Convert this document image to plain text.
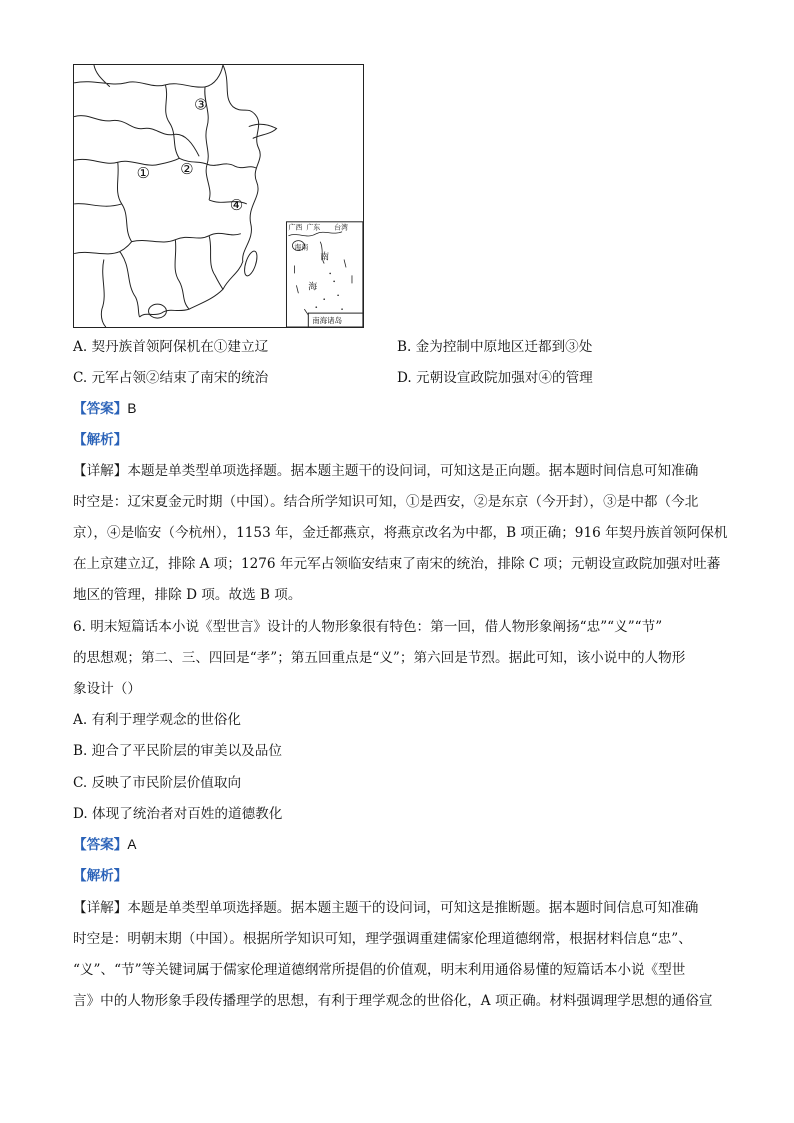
① ②
③
④
广西 广东 台湾
海南
南
海
南海诸岛
A. 契丹族首领阿保机在①建立辽	B. 金为控制中原地区迁都到③处
C. 元军占领②结束了南宋的统治	D. 元朝设宣政院加强对④的管理
【答案】B
【解析】
【详解】本题是单类型单项选择题。据本题主题干的设问词，可知这是正向题。据本题时间信息可知准确
时空是：辽宋夏金元时期（中国）。结合所学知识可知，①是西安，②是东京（今开封），③是中都（今北
京），④是临安（今杭州），1153 年，金迁都燕京，将燕京改名为中都，B 项正确；916 年契丹族首领阿保机
在上京建立辽，排除 A 项；1276 年元军占领临安结束了南宋的统治，排除 C 项；元朝设宣政院加强对吐蕃
地区的管理，排除 D 项。故选 B 项。
6. 明末短篇话本小说《型世言》设计的人物形象很有特色：第一回，借人物形象阐扬“忠”“义”“节”
的思想观；第二、三、四回是“孝”；第五回重点是“义”；第六回是节烈。据此可知，该小说中的人物形
象设计（）
A. 有利于理学观念的世俗化
B. 迎合了平民阶层的审美以及品位
C. 反映了市民阶层价值取向
D. 体现了统治者对百姓的道德教化
【答案】A
【解析】
【详解】本题是单类型单项选择题。据本题主题干的设问词，可知这是推断题。据本题时间信息可知准确
时空是：明朝末期（中国）。根据所学知识可知，理学强调重建儒家伦理道德纲常，根据材料信息“忠”、
“义”、“节”等关键词属于儒家伦理道德纲常所提倡的价值观，明末利用通俗易懂的短篇话本小说《型世
言》中的人物形象手段传播理学的思想，有利于理学观念的世俗化，A 项正确。材料强调理学思想的通俗宣
